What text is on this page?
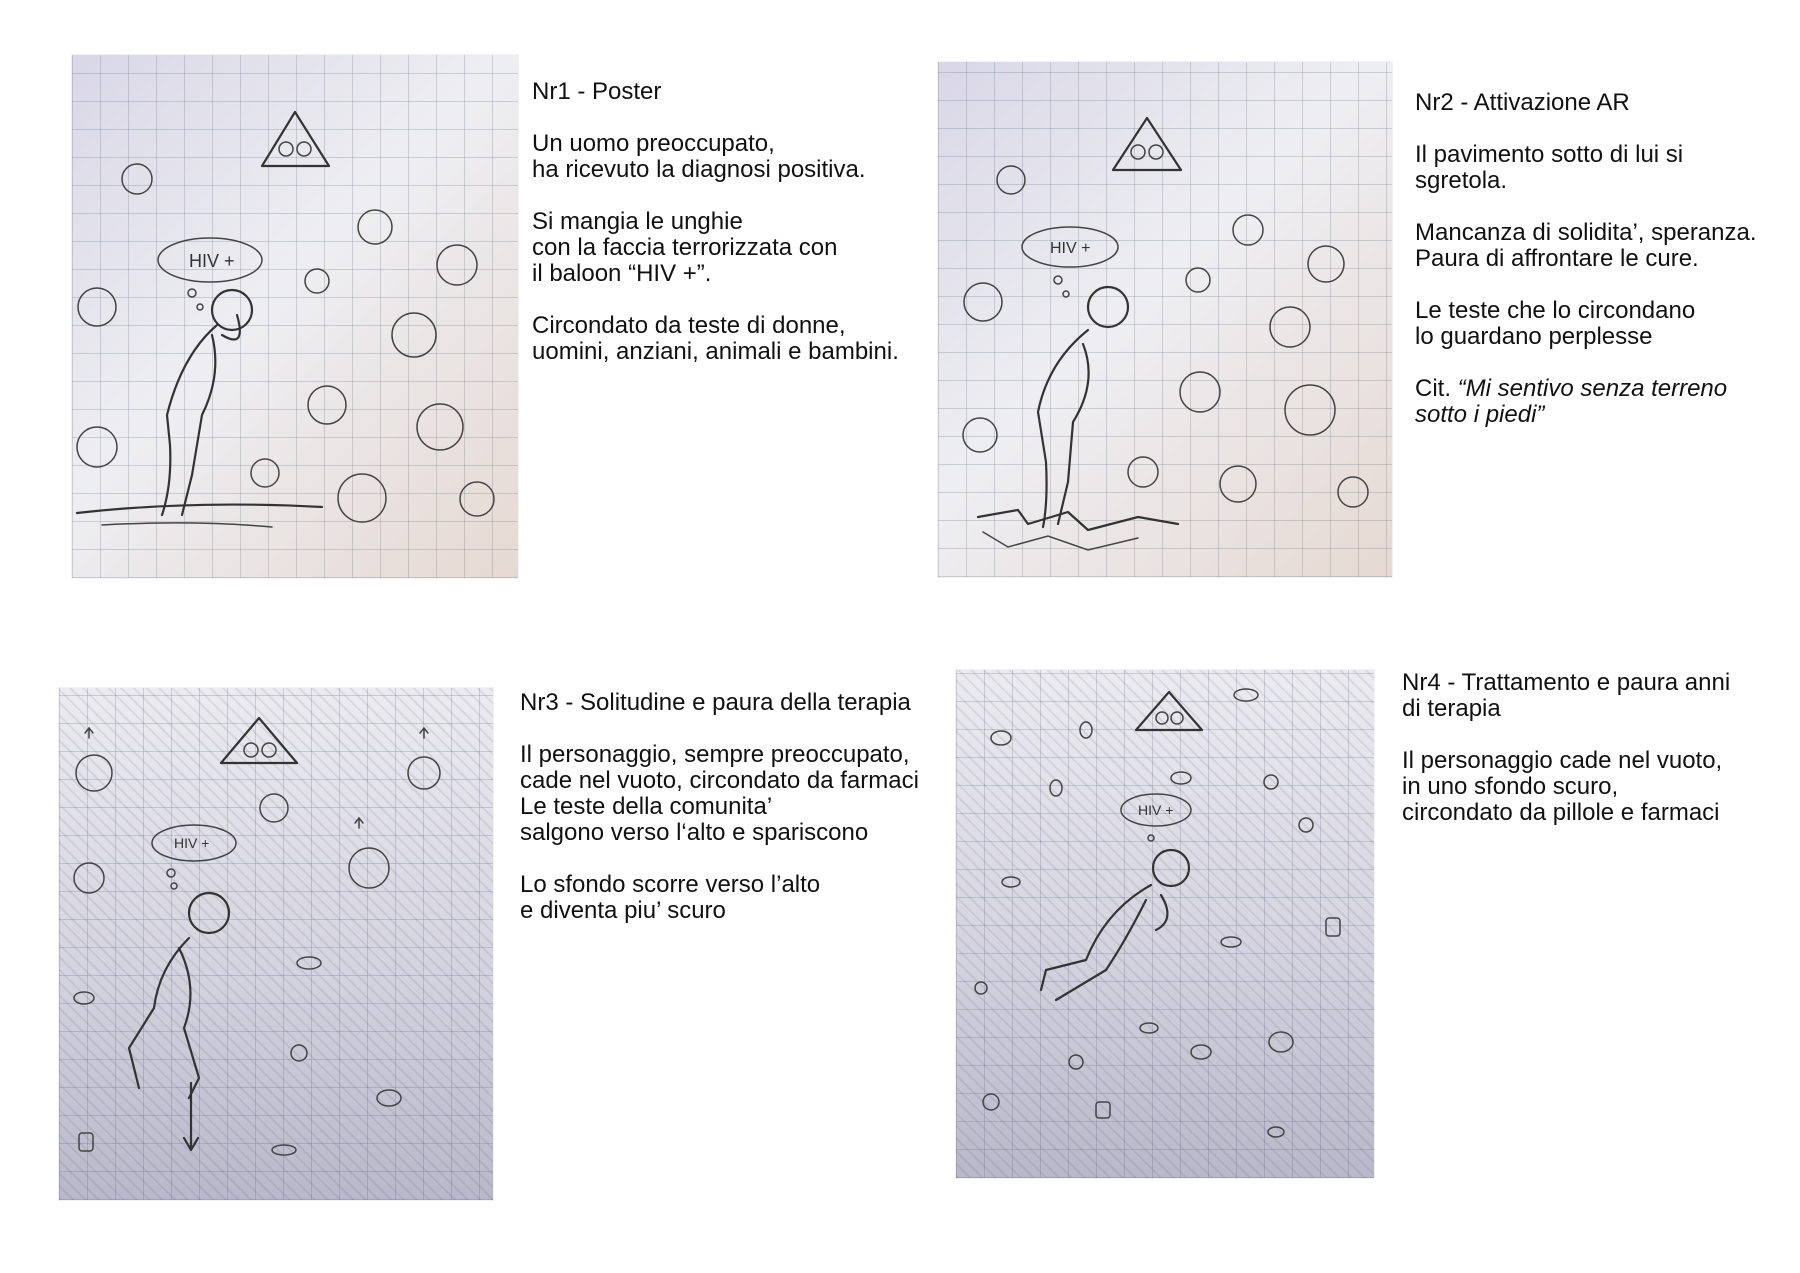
HIV +

Nr1 - Poster

Un uomo preoccupato,
ha ricevuto la diagnosi positiva.

Si mangia le unghie
con la faccia terrorizzata con
il baloon “HIV +”.

Circondato da teste di donne,
uomini, anziani, animali e bambini.

HIV +

Nr2 - Attivazione AR

Il pavimento sotto di lui si
sgretola.

Mancanza di solidita’, speranza.
Paura di affrontare le cure.

Le teste che lo circondano
lo guardano perplesse

Cit. “Mi sentivo senza terreno
sotto i piedi”

HIV +

Nr3 - Solitudine e paura della terapia

Il personaggio, sempre preoccupato,
cade nel vuoto, circondato da farmaci
Le teste della comunita’
salgono verso l‘alto e spariscono

Lo sfondo scorre verso l’alto
e diventa piu’ scuro

HIV +

Nr4 - Trattamento e paura anni
di terapia

Il personaggio cade nel vuoto,
in uno sfondo scuro,
circondato da pillole e farmaci
